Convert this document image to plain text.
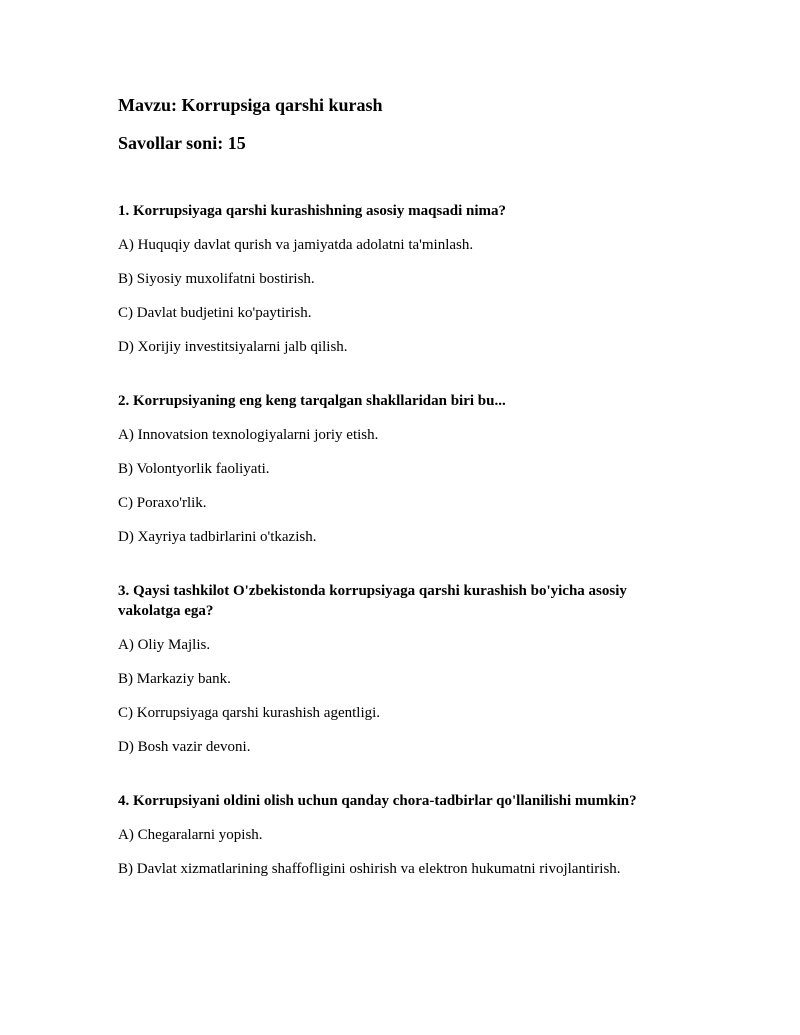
Mavzu: Korrupsiga qarshi kurash
Savollar soni: 15

1. Korrupsiyaga qarshi kurashishning asosiy maqsadi nima?

A) Huquqiy davlat qurish va jamiyatda adolatni ta'minlash.

B) Siyosiy muxolifatni bostirish.

C) Davlat budjetini ko'paytirish.

D) Xorijiy investitsiyalarni jalb qilish.

2. Korrupsiyaning eng keng tarqalgan shakllaridan biri bu...

A) Innovatsion texnologiyalarni joriy etish.

B) Volontyorlik faoliyati.

C) Poraxo'rlik.

D) Xayriya tadbirlarini o'tkazish.

3. Qaysi tashkilot O'zbekistonda korrupsiyaga qarshi kurashish bo'yicha asosiy vakolatga ega?

A) Oliy Majlis.

B) Markaziy bank.

C) Korrupsiyaga qarshi kurashish agentligi.

D) Bosh vazir devoni.

4. Korrupsiyani oldini olish uchun qanday chora-tadbirlar qo'llanilishi mumkin?

A) Chegaralarni yopish.

B) Davlat xizmatlarining shaffofligini oshirish va elektron hukumatni rivojlantirish.
